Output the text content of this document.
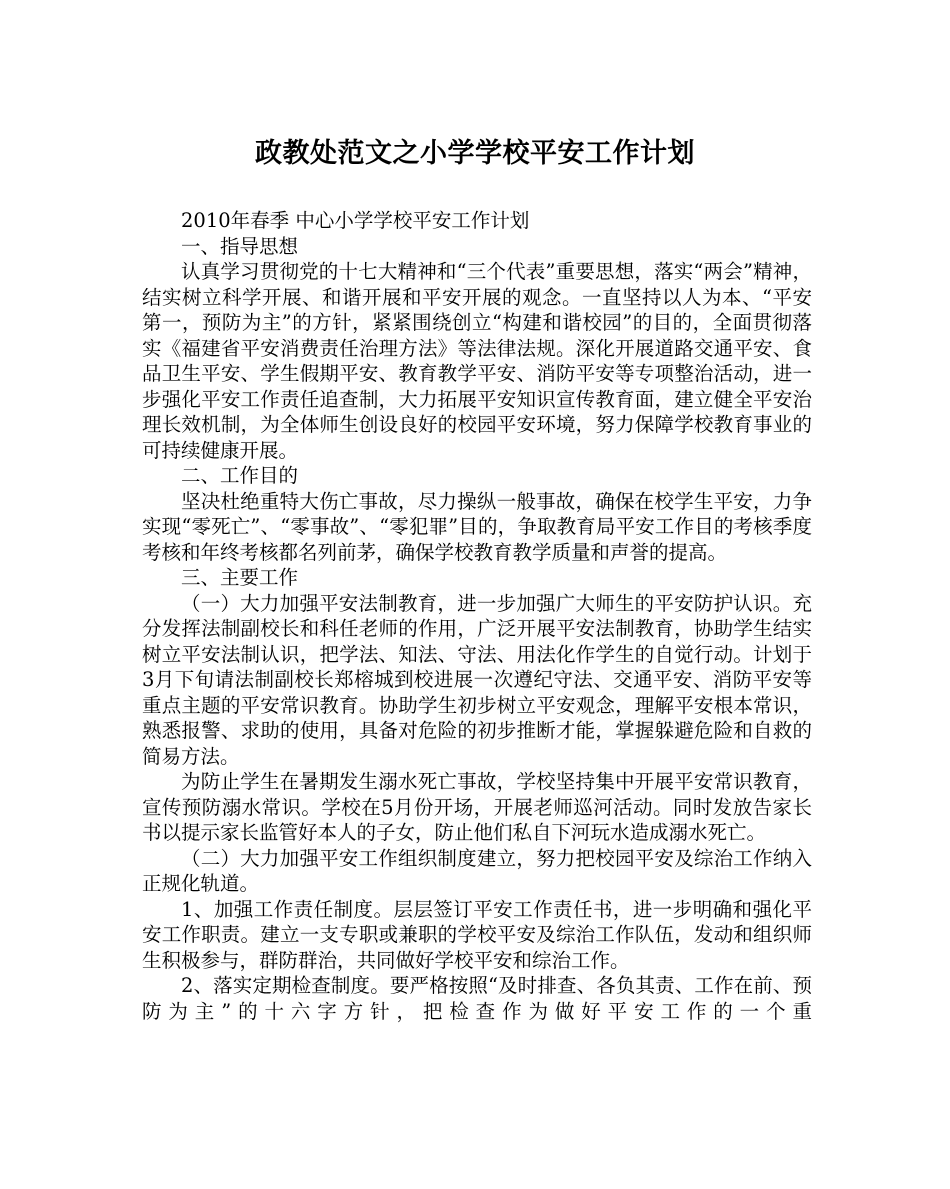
政教处范文之小学学校平安工作计划

2010年春季 中心小学学校平安工作计划

一、指导思想

认真学习贯彻党的十七大精神和“三个代表”重要思想，落实“两会”精神，结实树立科学开展、和谐开展和平安开展的观念。一直坚持以人为本、“平安第一，预防为主”的方针，紧紧围绕创立“构建和谐校园”的目的，全面贯彻落实《福建省平安消费责任治理方法》等法律法规。深化开展道路交通平安、食品卫生平安、学生假期平安、教育教学平安、消防平安等专项整治活动，进一步强化平安工作责任追查制，大力拓展平安知识宣传教育面，建立健全平安治理长效机制，为全体师生创设良好的校园平安环境，努力保障学校教育事业的可持续健康开展。

二、工作目的

坚决杜绝重特大伤亡事故，尽力操纵一般事故，确保在校学生平安，力争实现“零死亡”、“零事故”、“零犯罪”目的，争取教育局平安工作目的考核季度考核和年终考核都名列前茅，确保学校教育教学质量和声誉的提高。

三、主要工作

（一）大力加强平安法制教育，进一步加强广大师生的平安防护认识。充分发挥法制副校长和科任老师的作用，广泛开展平安法制教育，协助学生结实树立平安法制认识，把学法、知法、守法、用法化作学生的自觉行动。计划于3月下旬请法制副校长郑榕城到校进展一次遵纪守法、交通平安、消防平安等重点主题的平安常识教育。协助学生初步树立平安观念，理解平安根本常识，熟悉报警、求助的使用，具备对危险的初步推断才能，掌握躲避危险和自救的简易方法。

为防止学生在暑期发生溺水死亡事故，学校坚持集中开展平安常识教育，宣传预防溺水常识。学校在5月份开场，开展老师巡河活动。同时发放告家长书以提示家长监管好本人的子女，防止他们私自下河玩水造成溺水死亡。

（二）大力加强平安工作组织制度建立，努力把校园平安及综治工作纳入正规化轨道。

1、加强工作责任制度。层层签订平安工作责任书，进一步明确和强化平安工作职责。建立一支专职或兼职的学校平安及综治工作队伍，发动和组织师生积极参与，群防群治，共同做好学校平安和综治工作。

2、落实定期检查制度。要严格按照“及时排查、各负其责、工作在前、预防为主”的十六字方针，把检查作为做好平安工作的一个重
